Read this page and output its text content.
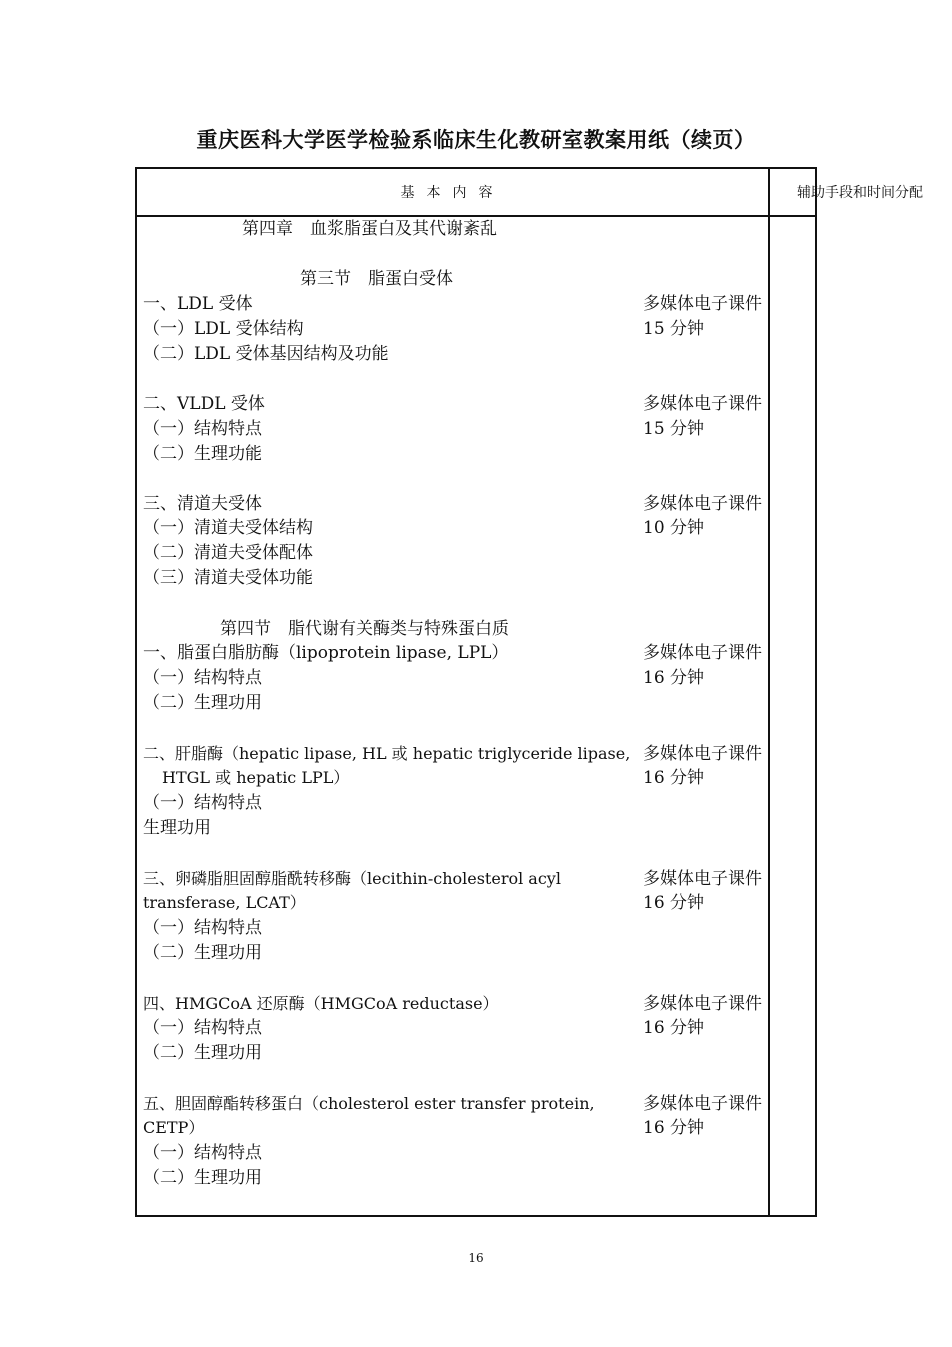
重庆医科大学医学检验系临床生化教研室教案用纸（续页）
基本内容	辅助手段和时间分配
第四章　血浆脂蛋白及其代谢紊乱
第三节　脂蛋白受体
一、LDL 受体
（一）LDL 受体结构
（二）LDL 受体基因结构及功能
二、VLDL 受体
（一）结构特点
（二）生理功能
三、清道夫受体
（一）清道夫受体结构
（二）清道夫受体配体
（三）清道夫受体功能
第四节　脂代谢有关酶类与特殊蛋白质
一、脂蛋白脂肪酶（lipoprotein lipase, LPL）
（一）结构特点
（二）生理功用
二、肝脂酶（hepatic lipase, HL 或 hepatic triglyceride lipase,
HTGL 或 hepatic LPL）
（一）结构特点
生理功用
三、卵磷脂胆固醇脂酰转移酶（lecithin-cholesterol acyl
transferase, LCAT）
（一）结构特点
（二）生理功用
四、HMGCoA 还原酶（HMGCoA reductase）
（一）结构特点
（二）生理功用
五、胆固醇酯转移蛋白（cholesterol ester transfer protein,
CETP）
（一）结构特点
（二）生理功用
多媒体电子课件
15 分钟
多媒体电子课件
15 分钟
多媒体电子课件
10 分钟
多媒体电子课件
16 分钟
多媒体电子课件
16 分钟
多媒体电子课件
16 分钟
多媒体电子课件
16 分钟
多媒体电子课件
16 分钟
16
